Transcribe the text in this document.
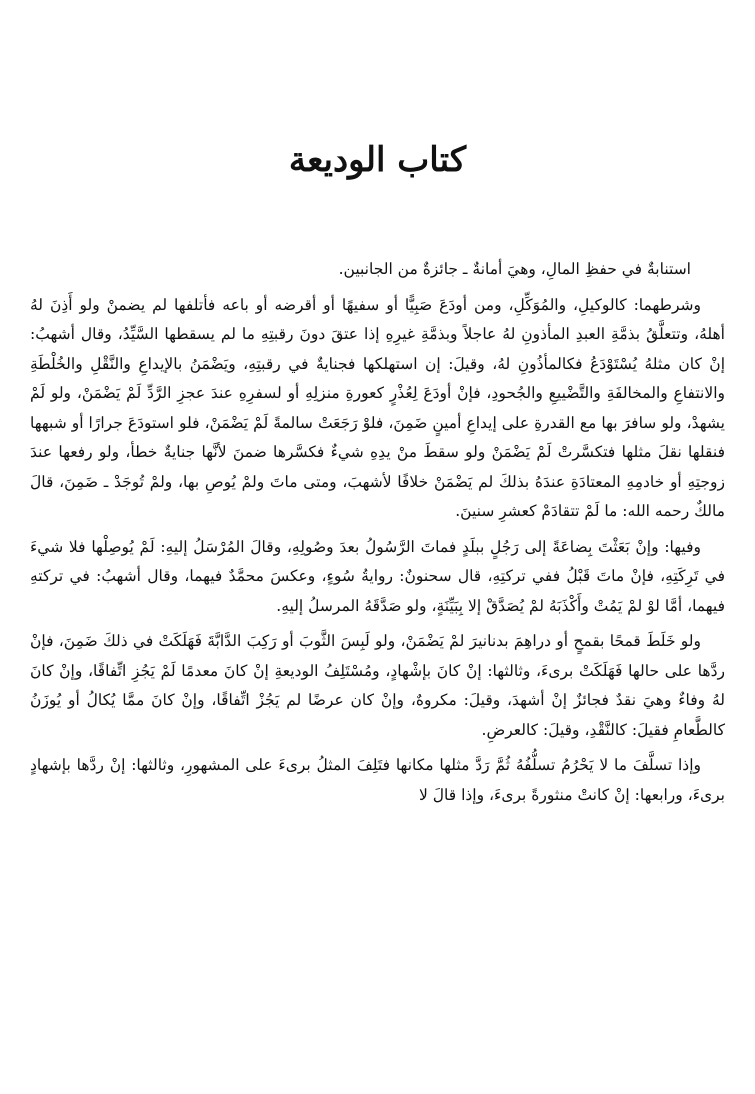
كتاب الوديعة

استنابةٌ في حفظِ المالِ، وهيَ أمانةٌ ـ جائزةٌ من الجانبين.

وشرطهما: كالوكيلِ، والمُوَكِّلِ، ومن أودَعَ صَبِيًّا أو سفيهًا أو أقرضه أو باعه فأتلفها لم يضمنْ ولو أَذِنَ لهُ أهلهُ، وتتعلَّقُ بذمَّةِ العبدِ المأذونِ لهُ عاجلاً وبذمَّةِ غيرِهِ إذا عتقَ دونَ رقبتِهِ ما لم يسقطها السَّيِّدُ، وقال أشهبُ: إنْ كان مثلهُ يُسْتَوْدَعُ فكالمأذُونِ لهُ، وقيلَ: إن استهلكها فجنايةٌ في رقبتِهِ، ويَضْمَنُ بالإيداعِ والنَّقْلِ والخُلْطَةِ والانتفاعِ والمخالفَةِ والتَّضْييعِ والجُحودِ، فإنْ أودَعَ لِعُذْرٍ كعورةِ منزلِهِ أو لسفرِهِ عندَ عجزِ الرَّدِّ لَمْ يَضْمَنْ، ولو لَمْ يشهدْ، ولو سافرَ بها مع القدرةِ على إيداعِ أمينٍ ضَمِنَ، فلوْ رَجَعَتْ سالمةً لَمْ يَضْمَنْ، فلو استودَعَ جرارًا أو شبهها فنقلها نقلَ مثلها فتكسَّرتْ لَمْ يَضْمَنْ ولو سقطَ منْ يدِهِ شيءٌ فكسَّرها ضمنَ لأنَّها جنايةٌ خطأ، ولو رفعها عندَ زوجتِهِ أو خادمِهِ المعتادَةِ عندَهُ بذلكَ لم يَضْمَنْ خلافًا لأشهبَ، ومتى ماتَ ولمْ يُوصِ بها، ولمْ تُوجَدْ ـ ضَمِنَ، قالَ مالكٌ رحمه الله: ما لَمْ تتقادَمْ كعشرِ سنينَ.

وفيها: وإنْ بَعَثْتَ بِضاعَةً إلى رَجُلٍ ببلَدٍ فماتَ الرَّسُولُ بعدَ وصُولِهِ، وقالَ المُرْسَلُ إليهِ: لَمْ يُوصِلْها فلا شيءَ في تَرِكَتِهِ، فإنْ ماتَ قَبْلُ ففي تركتِهِ، قال سحنونٌ: روايةُ سُوءٍ، وعكسَ محمَّدٌ فيهما، وقال أشهبُ: في تركتهِ فيهما، أمَّا لوْ لمْ يَمُتْ وأَكْذَبَهُ لمْ يُصَدَّقْ إلا بِبَيِّنَةٍ، ولو صَدَّقَهُ المرسلُ إليهِ.

ولو خَلَطَ قمحًا بقمحٍ أو دراهِمَ بدنانيرَ لمْ يَضْمَنْ، ولو لَبِسَ الثَّوبَ أو رَكِبَ الدَّابَّةَ فَهَلَكَتْ في ذلكَ ضَمِنَ، فإنْ ردَّها على حالها فَهَلَكَتْ برىءَ، وثالثها: إنْ كانَ بإشْهادٍ، ومُسْتَلِفُ الوديعةِ إنْ كانَ معدمًا لَمْ يَجُزِ اتِّفاقًا، وإنْ كانَ لهُ وفاءٌ وهيَ نقدٌ فجائزٌ إنْ أشهدَ، وقيلَ: مكروهٌ، وإنْ كان عرضًا لم يَجُزْ اتِّفاقًا، وإنْ كانَ ممَّا يُكالُ أو يُوزَنُ كالطَّعامِ فقيلَ: كالنَّقْدِ، وقيلَ: كالعرضِ.

وإذا تسلَّفَ ما لا يَحْرُمُ تسلُّفُهُ ثُمَّ رَدَّ مثلها مكانها فتَلِفَ المثلُ برىءَ على المشهورِ، وثالثها: إنْ ردَّها بإشهادٍ برىءَ، ورابعها: إنْ كانتْ منثورةً برىءَ، وإذا قالَ لا
